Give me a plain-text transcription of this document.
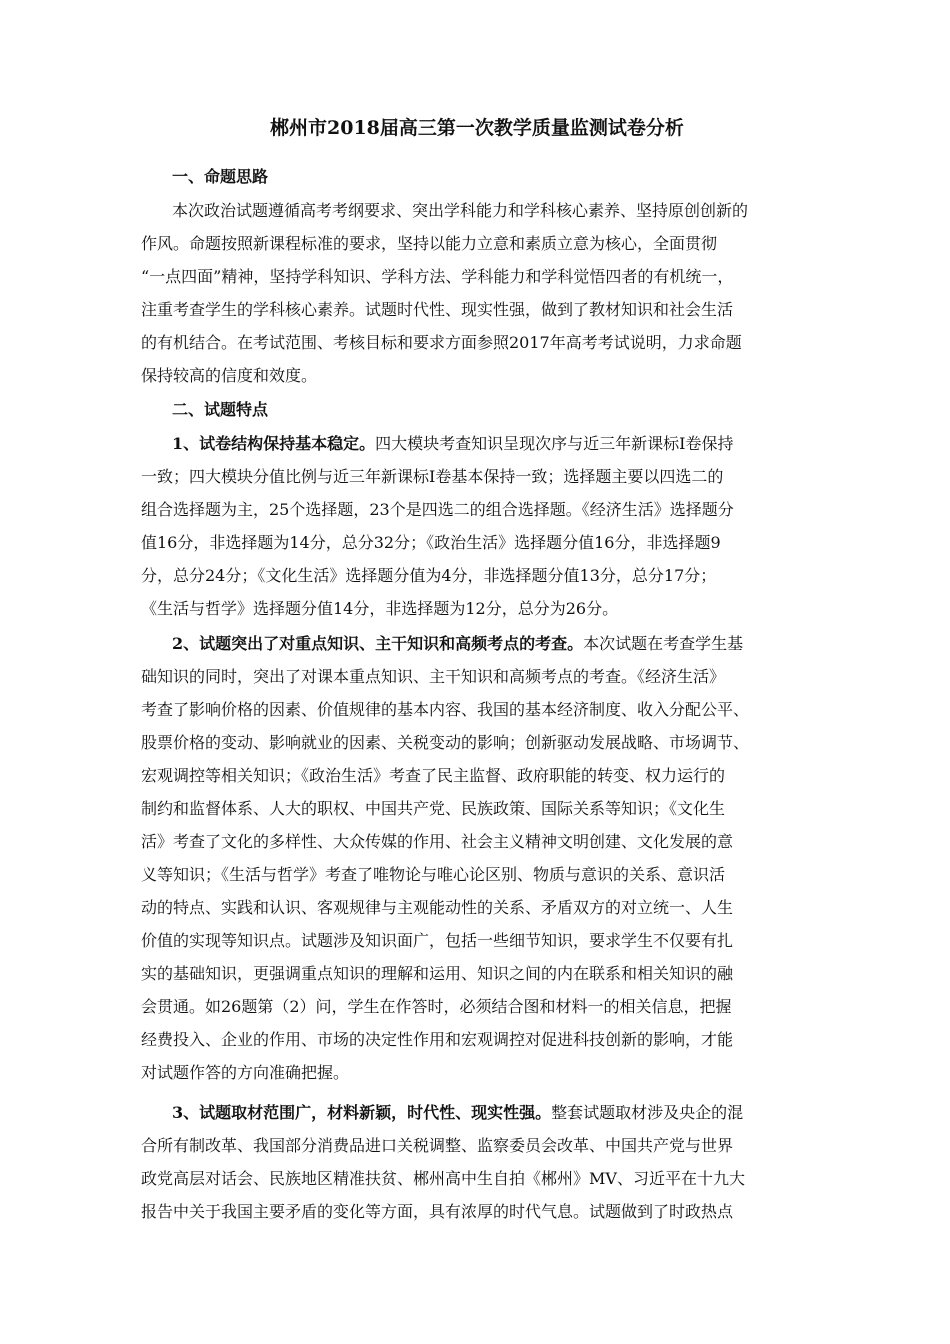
郴州市2018届高三第一次教学质量监测试卷分析
一、命题思路
本次政治试题遵循高考考纲要求、突出学科能力和学科核心素养、坚持原创创新的
作风。命题按照新课程标准的要求，坚持以能力立意和素质立意为核心，全面贯彻
“一点四面”精神，坚持学科知识、学科方法、学科能力和学科觉悟四者的有机统一，
注重考查学生的学科核心素养。试题时代性、现实性强，做到了教材知识和社会生活
的有机结合。在考试范围、考核目标和要求方面参照2017年高考考试说明，力求命题
保持较高的信度和效度。
二、试题特点
1、试卷结构保持基本稳定。四大模块考查知识呈现次序与近三年新课标Ⅰ卷保持
一致；四大模块分值比例与近三年新课标Ⅰ卷基本保持一致；选择题主要以四选二的
组合选择题为主，25个选择题，23个是四选二的组合选择题。《经济生活》选择题分
值16分，非选择题为14分，总分32分；《政治生活》选择题分值16分，非选择题9
分，总分24分；《文化生活》选择题分值为4分，非选择题分值13分，总分17分；
《生活与哲学》选择题分值14分，非选择题为12分，总分为26分。
2、试题突出了对重点知识、主干知识和高频考点的考查。本次试题在考查学生基
础知识的同时，突出了对课本重点知识、主干知识和高频考点的考查。《经济生活》
考查了影响价格的因素、价值规律的基本内容、我国的基本经济制度、收入分配公平、
股票价格的变动、影响就业的因素、关税变动的影响；创新驱动发展战略、市场调节、
宏观调控等相关知识；《政治生活》考查了民主监督、政府职能的转变、权力运行的
制约和监督体系、人大的职权、中国共产党、民族政策、国际关系等知识；《文化生
活》考查了文化的多样性、大众传媒的作用、社会主义精神文明创建、文化发展的意
义等知识；《生活与哲学》考查了唯物论与唯心论区别、物质与意识的关系、意识活
动的特点、实践和认识、客观规律与主观能动性的关系、矛盾双方的对立统一、人生
价值的实现等知识点。试题涉及知识面广，包括一些细节知识，要求学生不仅要有扎
实的基础知识，更强调重点知识的理解和运用、知识之间的内在联系和相关知识的融
会贯通。如26题第（2）问，学生在作答时，必须结合图和材料一的相关信息，把握
经费投入、企业的作用、市场的决定性作用和宏观调控对促进科技创新的影响，才能
对试题作答的方向准确把握。
3、试题取材范围广，材料新颖，时代性、现实性强。整套试题取材涉及央企的混
合所有制改革、我国部分消费品进口关税调整、监察委员会改革、中国共产党与世界
政党高层对话会、民族地区精准扶贫、郴州高中生自拍《郴州》MV、习近平在十九大
报告中关于我国主要矛盾的变化等方面，具有浓厚的时代气息。试题做到了时政热点
